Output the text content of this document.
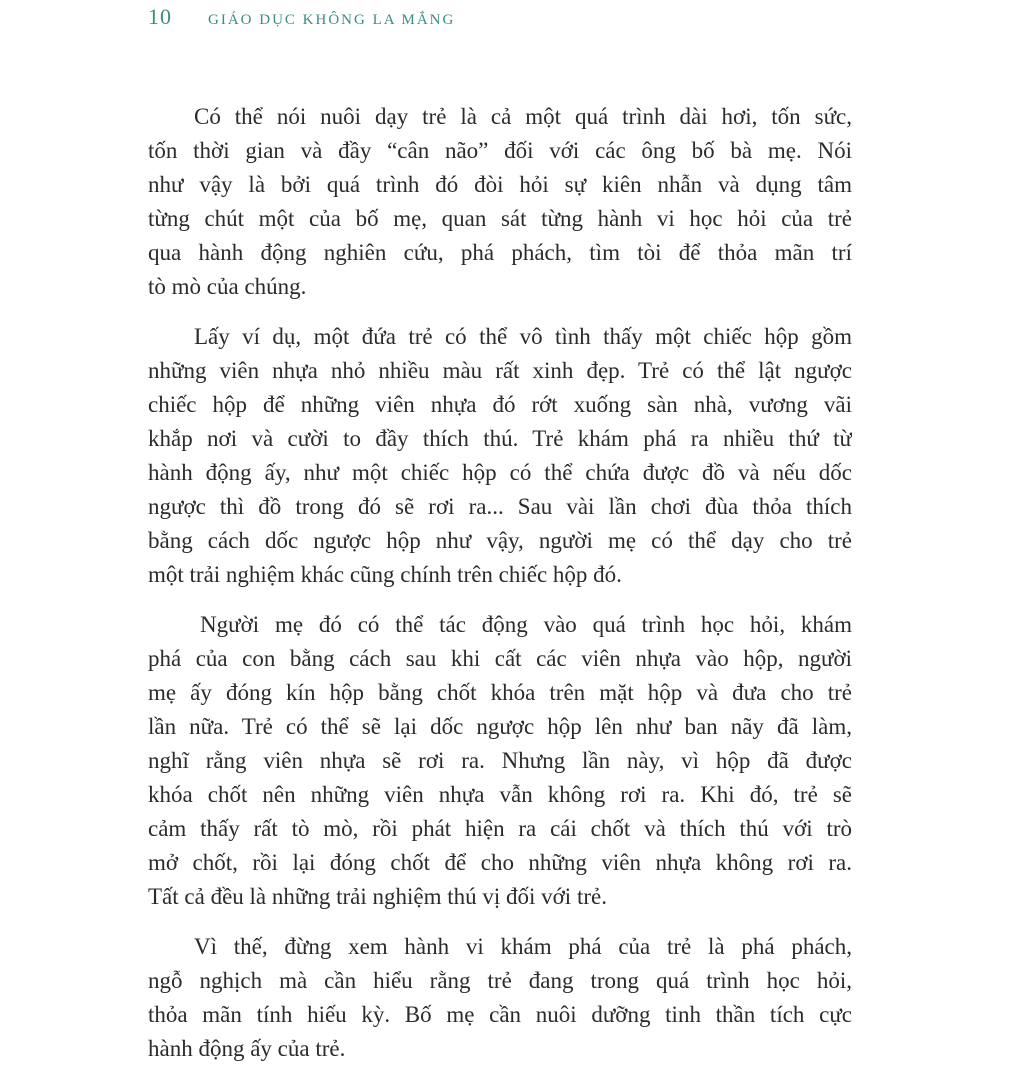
10 GIÁO DỤC KHÔNG LA MẮNG
Có thể nói nuôi dạy trẻ là cả một quá trình dài hơi, tốn sức,
tốn thời gian và đầy “cân não” đối với các ông bố bà mẹ. Nói
như vậy là bởi quá trình đó đòi hỏi sự kiên nhẫn và dụng tâm
từng chút một của bố mẹ, quan sát từng hành vi học hỏi của trẻ
qua hành động nghiên cứu, phá phách, tìm tòi để thỏa mãn trí
tò mò của chúng.
Lấy ví dụ, một đứa trẻ có thể vô tình thấy một chiếc hộp gồm
những viên nhựa nhỏ nhiều màu rất xinh đẹp. Trẻ có thể lật ngược
chiếc hộp để những viên nhựa đó rớt xuống sàn nhà, vương vãi
khắp nơi và cười to đầy thích thú. Trẻ khám phá ra nhiều thứ từ
hành động ấy, như một chiếc hộp có thể chứa được đồ và nếu dốc
ngược thì đồ trong đó sẽ rơi ra... Sau vài lần chơi đùa thỏa thích
bằng cách dốc ngược hộp như vậy, người mẹ có thể dạy cho trẻ
một trải nghiệm khác cũng chính trên chiếc hộp đó.
Người mẹ đó có thể tác động vào quá trình học hỏi, khám
phá của con bằng cách sau khi cất các viên nhựa vào hộp, người
mẹ ấy đóng kín hộp bằng chốt khóa trên mặt hộp và đưa cho trẻ
lần nữa. Trẻ có thể sẽ lại dốc ngược hộp lên như ban nãy đã làm,
nghĩ rằng viên nhựa sẽ rơi ra. Nhưng lần này, vì hộp đã được
khóa chốt nên những viên nhựa vẫn không rơi ra. Khi đó, trẻ sẽ
cảm thấy rất tò mò, rồi phát hiện ra cái chốt và thích thú với trò
mở chốt, rồi lại đóng chốt để cho những viên nhựa không rơi ra.
Tất cả đều là những trải nghiệm thú vị đối với trẻ.
Vì thế, đừng xem hành vi khám phá của trẻ là phá phách,
ngỗ nghịch mà cần hiểu rằng trẻ đang trong quá trình học hỏi,
thỏa mãn tính hiếu kỳ. Bố mẹ cần nuôi dưỡng tinh thần tích cực
hành động ấy của trẻ.
